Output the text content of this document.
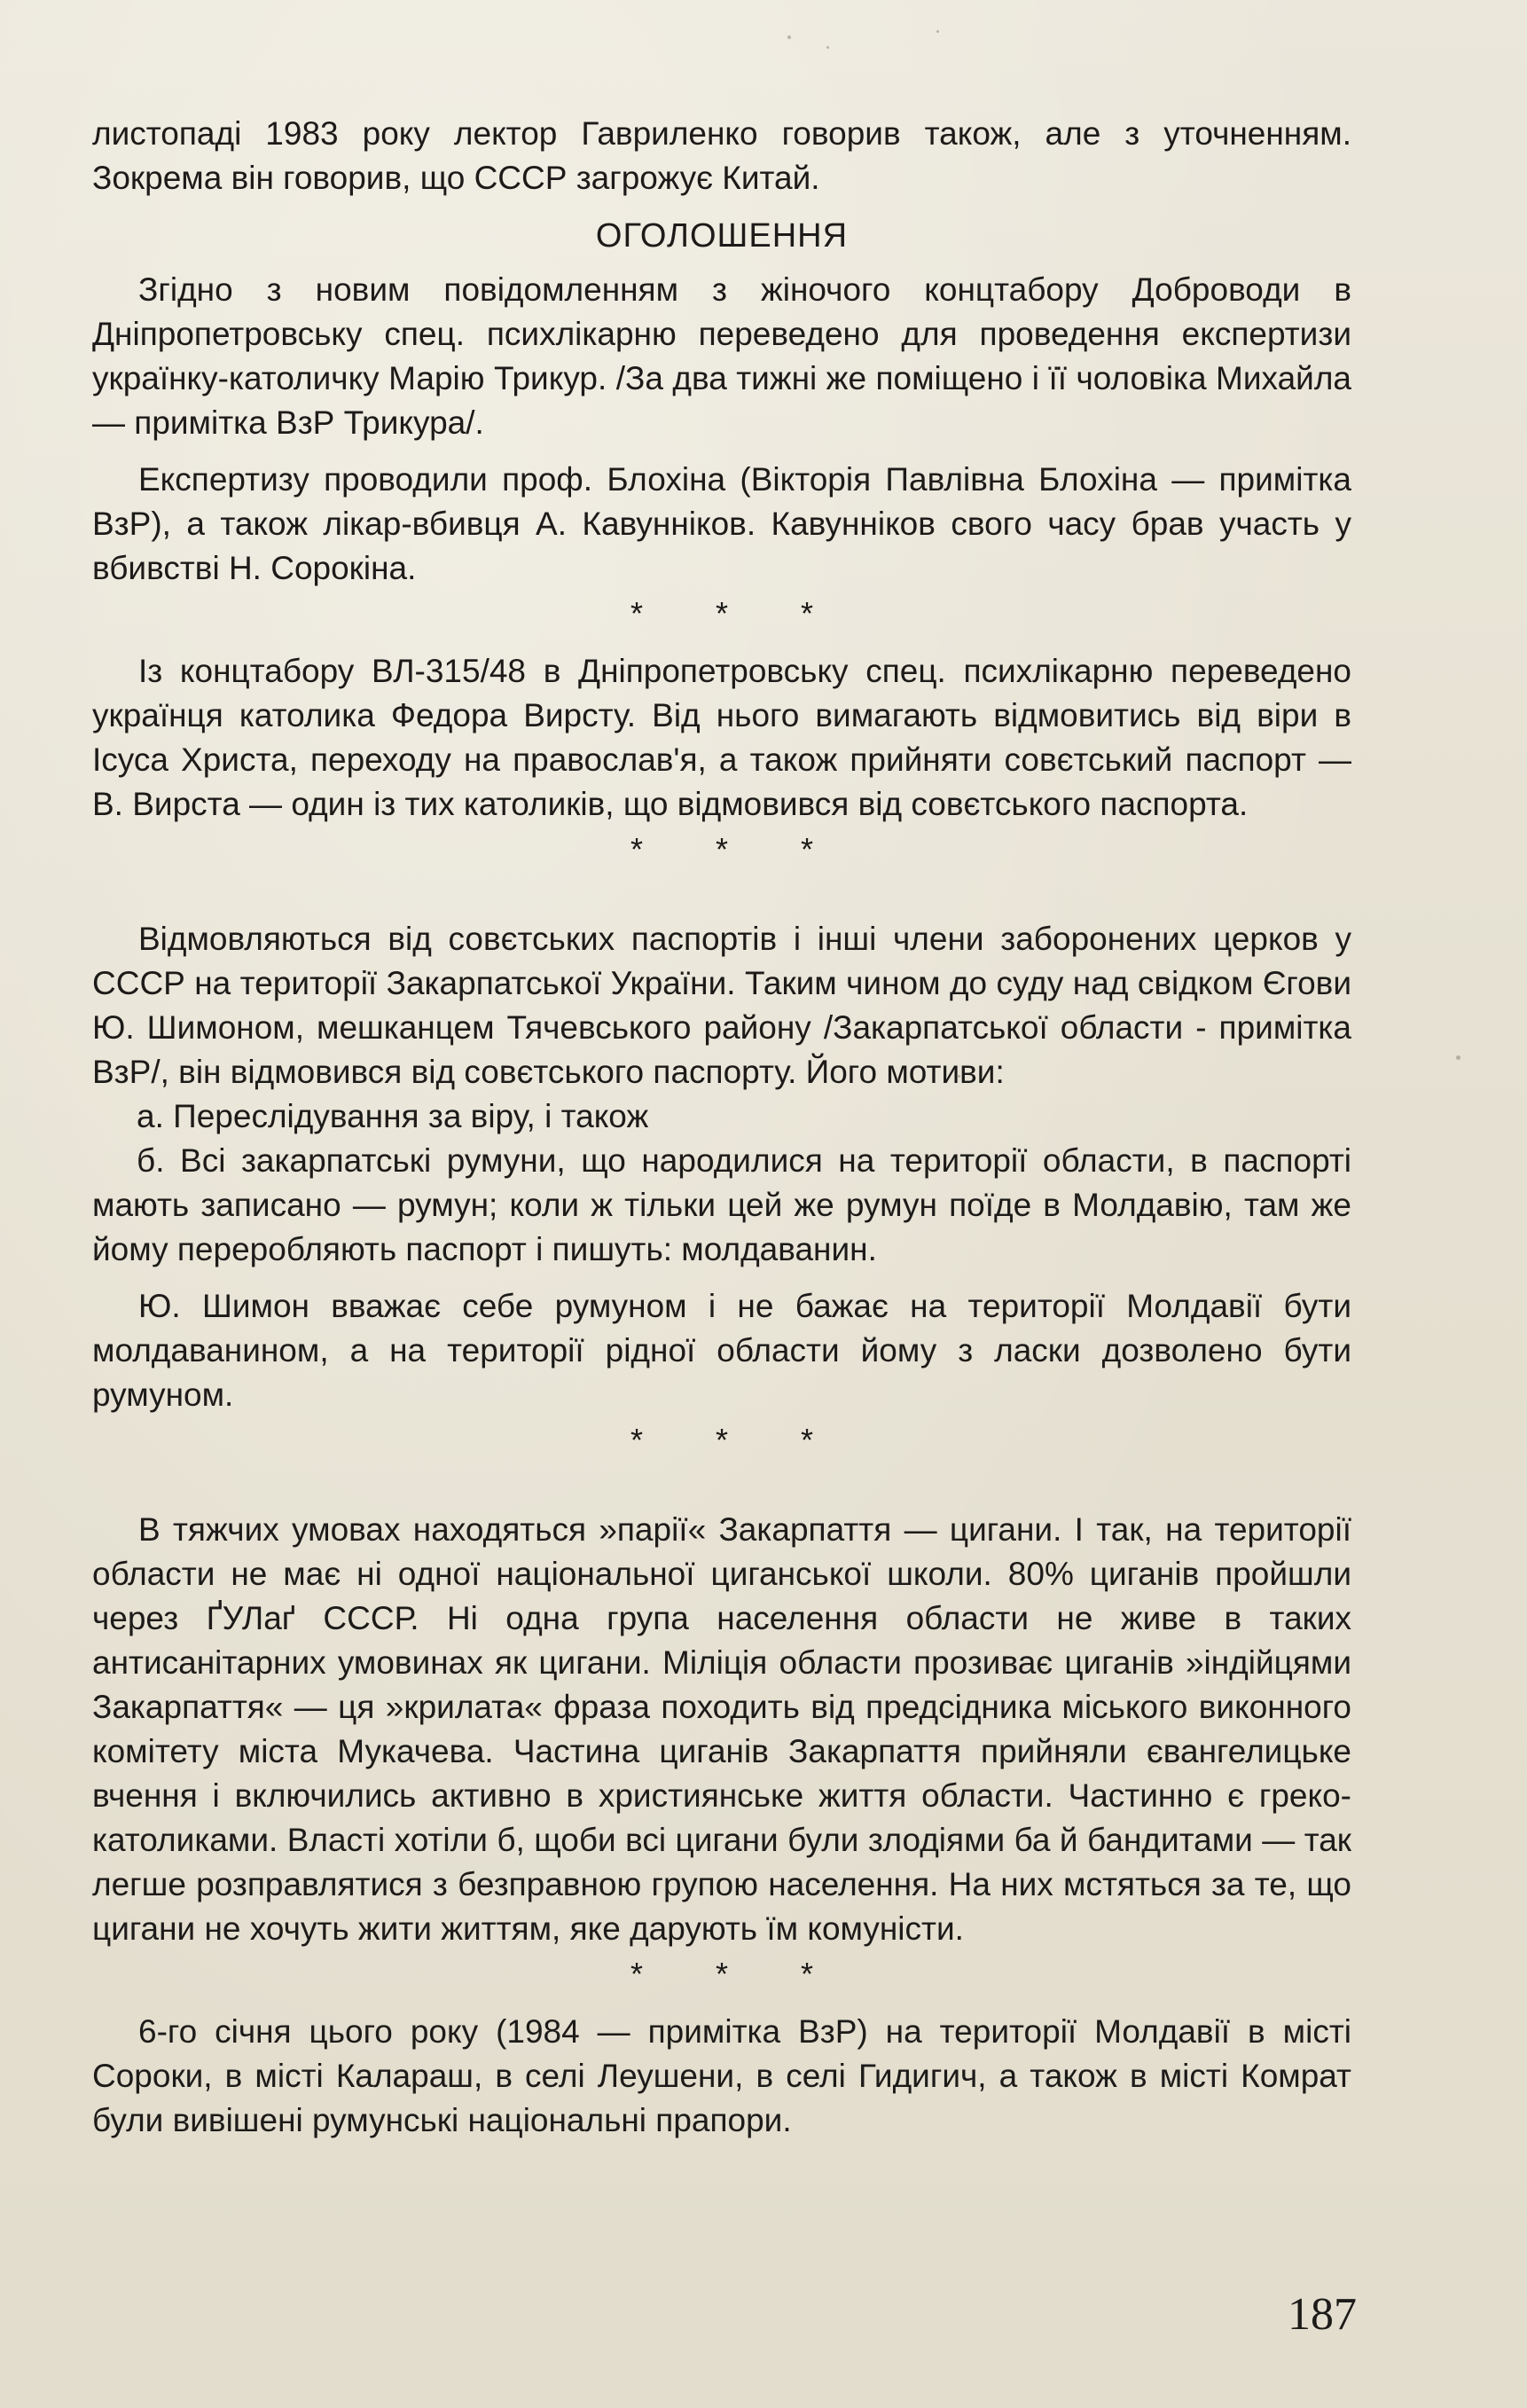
листопаді 1983 року лектор Гавриленко говорив також, але з уточненням. Зокрема він говорив, що СССР загрожує Китай.

ОГОЛОШЕННЯ

Згідно з новим повідомленням з жіночого концтабору Доброводи в Дніпропетровську спец. психлікарню переведено для проведення експертизи українку-католичку Марію Трикур. /За два тижні же поміщено і її чоловіка Михайла — примітка ВзР Трикура/.

Експертизу проводили проф. Блохіна (Вікторія Павлівна Блохіна — примітка ВзР), а також лікар-вбивця А. Кавунніков. Кавунніков свого часу брав участь у вбивстві Н. Сорокіна.

* * *

Із концтабору ВЛ-315/48 в Дніпропетровську спец. психлікарню переведено українця католика Федора Вирсту. Від нього вимагають відмовитись від віри в Ісуса Христа, переходу на православ'я, а також прийняти совєтський паспорт — В. Вирста — один із тих католиків, що відмовився від совєтського паспорта.

* * *

Відмовляються від совєтських паспортів і інші члени заборонених церков у СССР на території Закарпатської України. Таким чином до суду над свідком Єгови Ю. Шимоном, мешканцем Тячевського району /Закарпатської области - примітка ВзР/, він відмовився від совєтського паспорту. Його мотиви:

а. Переслідування за віру, і також

б. Всі закарпатські румуни, що народилися на території области, в паспорті мають записано — румун; коли ж тільки цей же румун поїде в Молдавію, там же йому переробляють паспорт і пишуть: молдаванин.

Ю. Шимон вважає себе румуном і не бажає на території Молдавії бути молдаванином, а на території рідної области йому з ласки дозволено бути румуном.

* * *

В тяжчих умовах находяться »парії« Закарпаття — цигани. І так, на території области не має ні одної національної циганської школи. 80% циганів пройшли через ҐУЛаґ СССР. Ні одна група населення области не живе в таких антисанітарних умовинах як цигани. Міліція области прозиває циганів »індійцями Закарпаття« — ця »крилата« фраза походить від предсідника міського виконного комітету міста Мукачева. Частина циганів Закарпаття прийняли євангелицьке вчення і включились активно в християнське життя области. Частинно є греко-католиками. Власті хотіли б, щоби всі цигани були злодіями ба й бандитами — так легше розправлятися з безправною групою населення. На них мстяться за те, що цигани не хочуть жити життям, яке дарують їм комуністи.

* * *

6-го січня цього року (1984 — примітка ВзР) на території Молдавії в місті Сороки, в місті Калараш, в селі Леушени, в селі Гидигич, а також в місті Комрат були вивішені румунські національні прапори.

187
